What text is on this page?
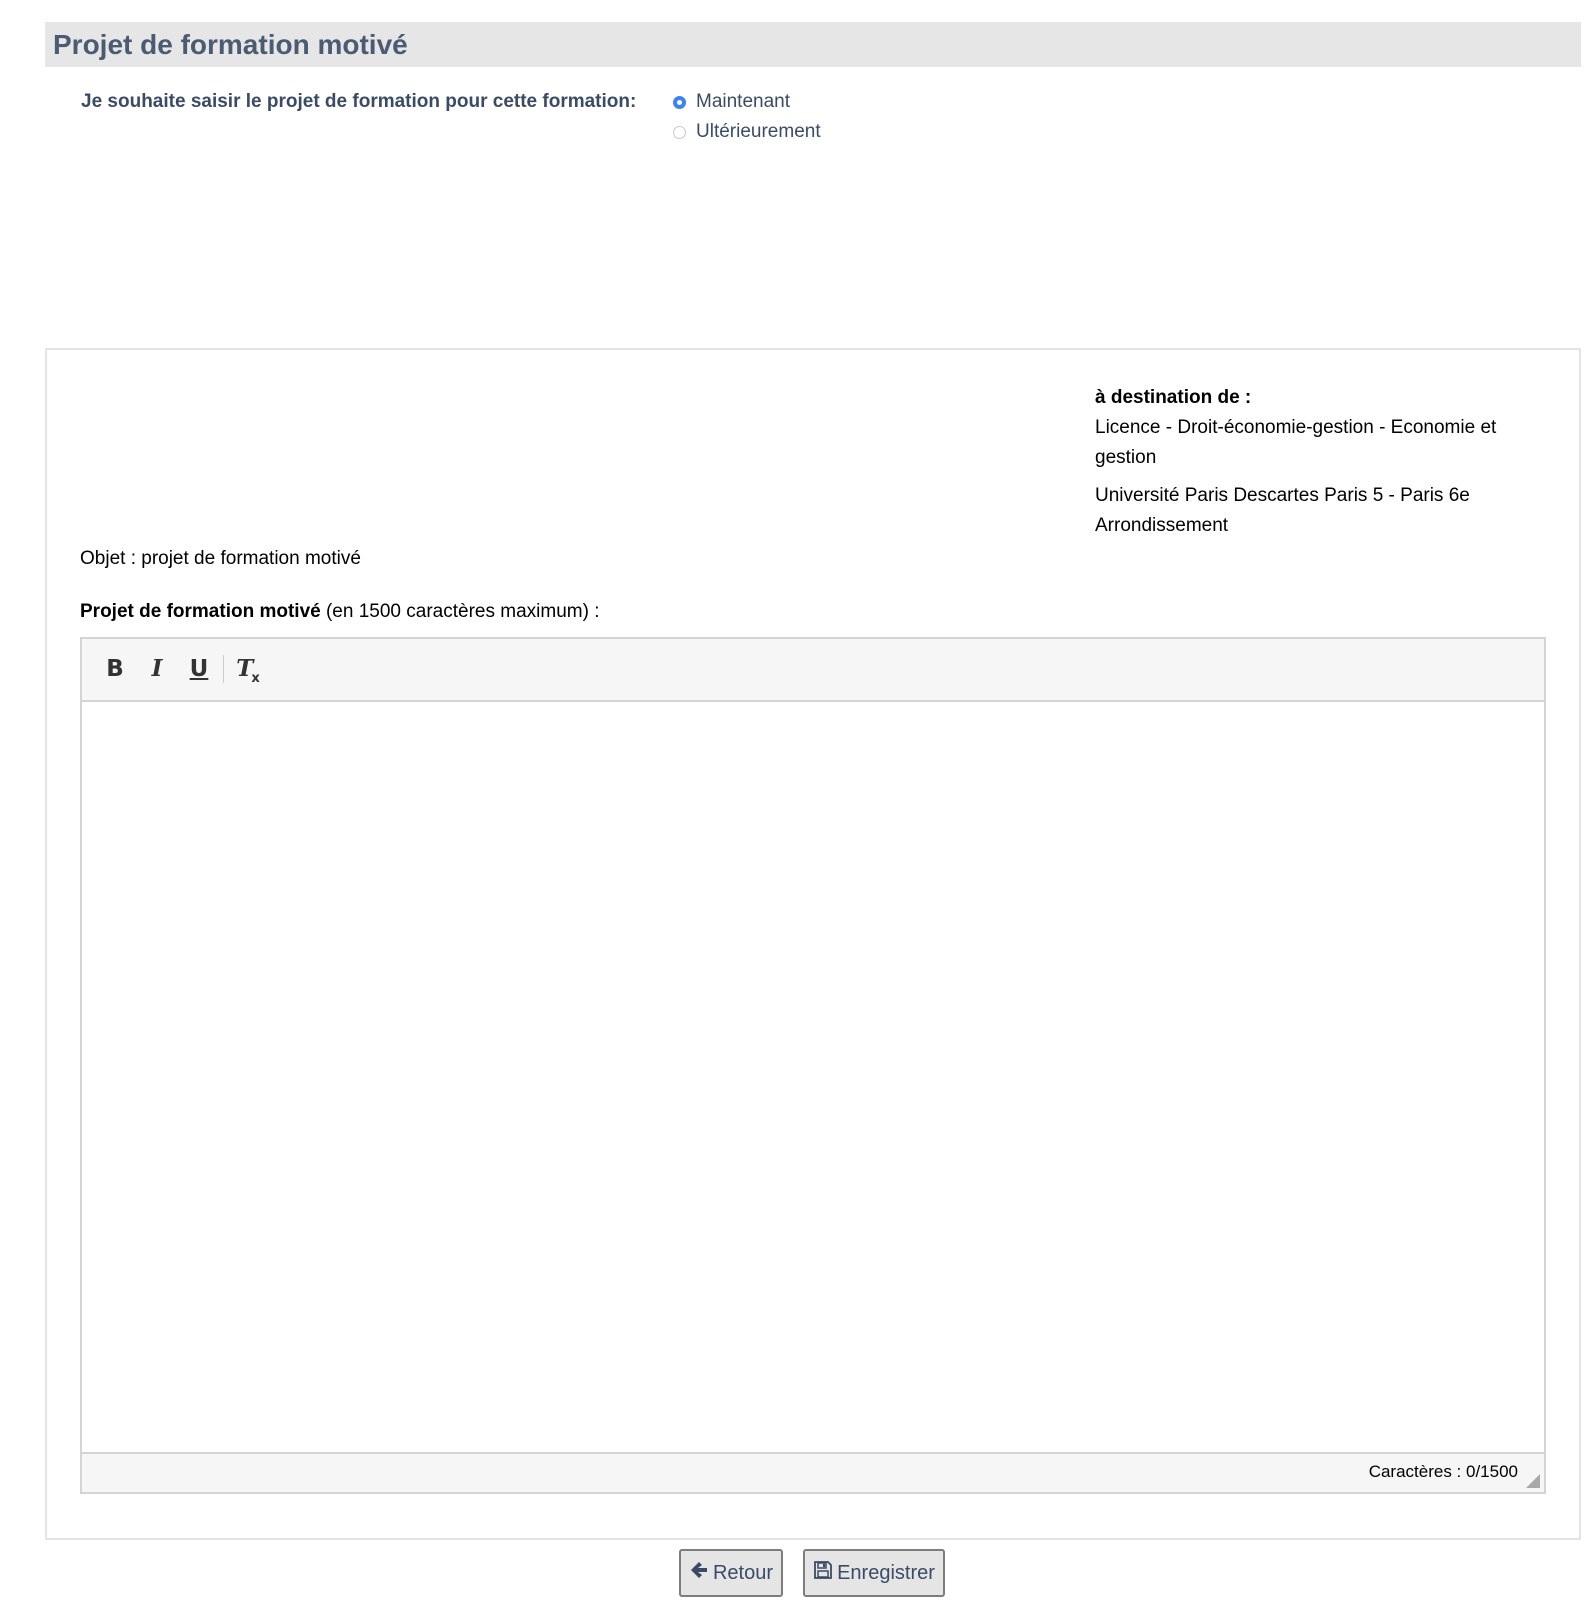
Projet de formation motivé
Je souhaite saisir le projet de formation pour cette formation:	Maintenant
Ultérieurement
à destination de :
Licence - Droit-économie-gestion - Economie et gestion
Université Paris Descartes Paris 5 - Paris 6e Arrondissement
Objet : projet de formation motivé
Projet de formation motivé (en 1500 caractères maximum) :
B	I	U $T_x$
Caractères : 0/1500
Retour	Enregistrer
